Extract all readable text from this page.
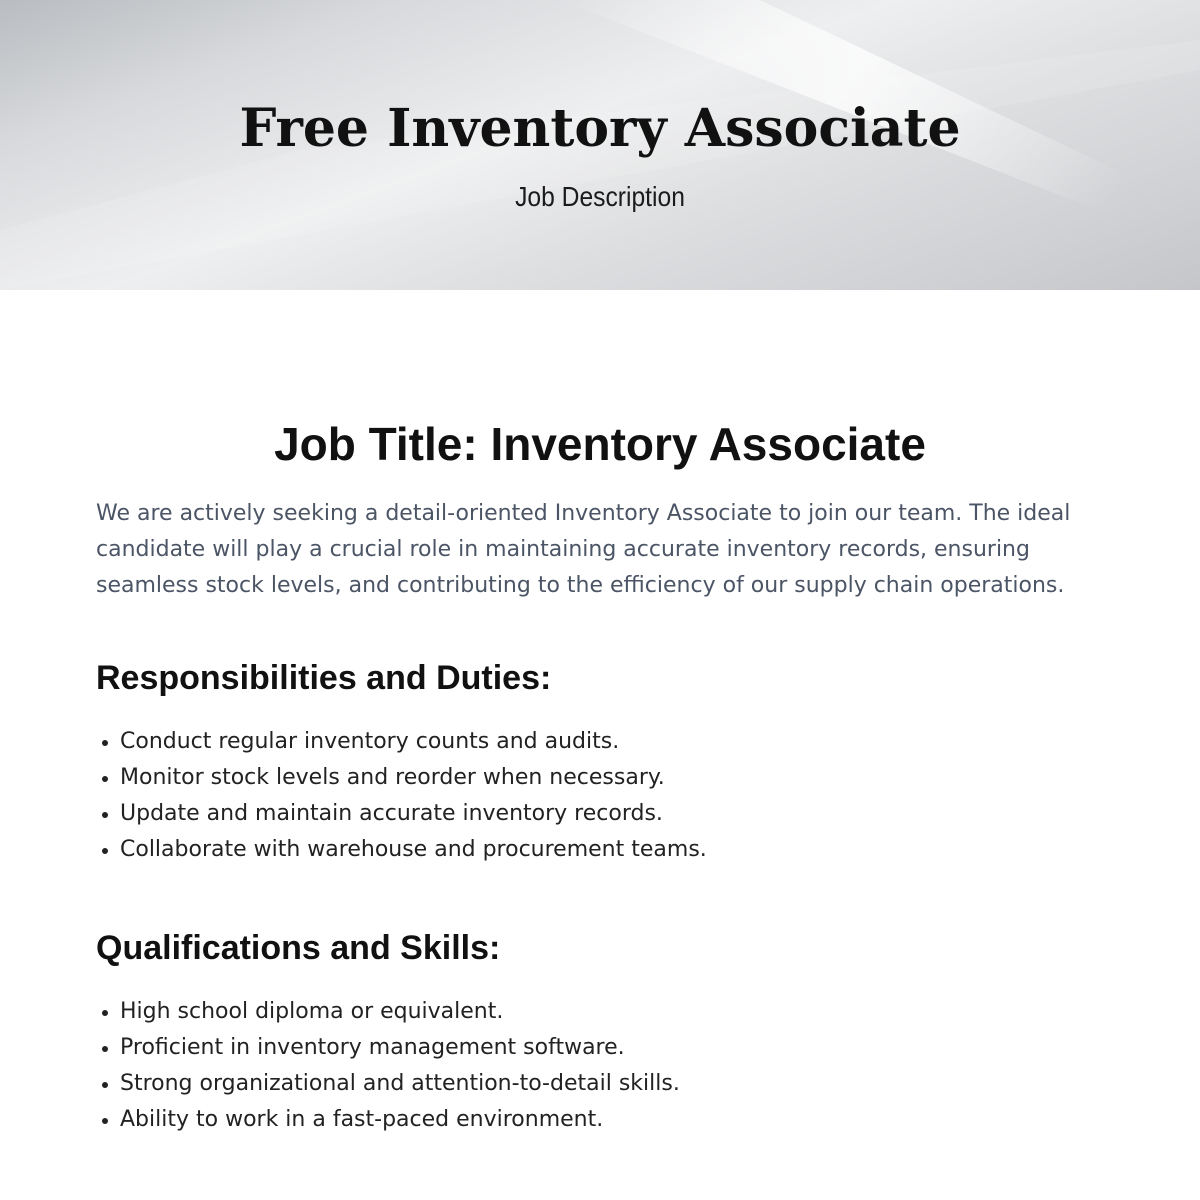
Free Inventory Associate
Job Description
Job Title: Inventory Associate

We are actively seeking a detail-oriented Inventory Associate to join our team. The ideal candidate will play a crucial role in maintaining accurate inventory records, ensuring seamless stock levels, and contributing to the efficiency of our supply chain operations.

Responsibilities and Duties:
Conduct regular inventory counts and audits.
Monitor stock levels and reorder when necessary.
Update and maintain accurate inventory records.
Collaborate with warehouse and procurement teams.
Qualifications and Skills:
High school diploma or equivalent.
Proficient in inventory management software.
Strong organizational and attention-to-detail skills.
Ability to work in a fast-paced environment.
